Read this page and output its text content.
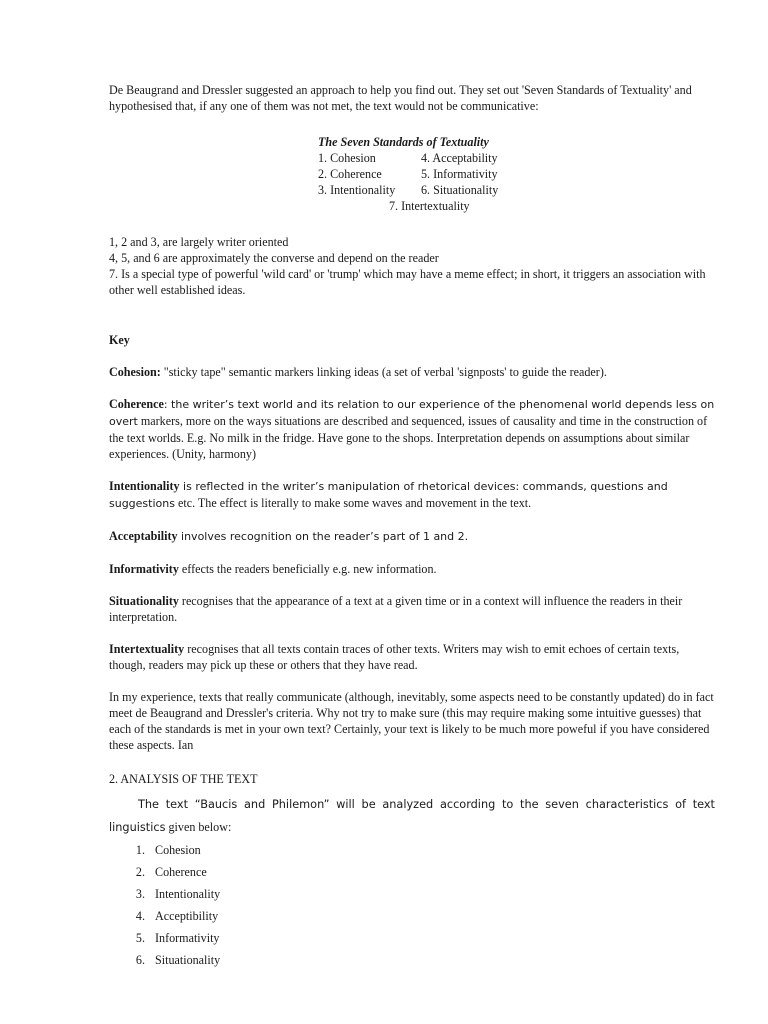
De Beaugrand and Dressler suggested an approach to help you find out. They set out 'Seven Standards of Textuality' and hypothesised that, if any one of them was not met, the text would not be communicative:

The Seven Standards of Textuality

1. Cohesion	4. Acceptability
2. Coherence	5. Informativity
3. Intentionality	6. Situationality
7. Intertextuality

1, 2 and 3, are largely writer oriented

4, 5, and 6 are approximately the converse and depend on the reader

7. Is a special type of powerful 'wild card' or 'trump' which may have a meme effect; in short, it triggers an association with other well established ideas.

Key

Cohesion: "sticky tape" semantic markers linking ideas (a set of verbal 'signposts' to guide the reader).

Coherence: the writer’s text world and its relation to our experience of the phenomenal world depends less on overt markers, more on the ways situations are described and sequenced, issues of causality and time in the construction of the text worlds. E.g. No milk in the fridge. Have gone to the shops. Interpretation depends on assumptions about similar experiences. (Unity, harmony)

Intentionality is reflected in the writer’s manipulation of rhetorical devices: commands, questions and suggestions etc. The effect is literally to make some waves and movement in the text.

Acceptability involves recognition on the reader’s part of 1 and 2.

Informativity effects the readers beneficially e.g. new information.

Situationality recognises that the appearance of a text at a given time or in a context will influence the readers in their interpretation.

Intertextuality recognises that all texts contain traces of other texts. Writers may wish to emit echoes of certain texts, though, readers may pick up these or others that they have read.

In my experience, texts that really communicate (although, inevitably, some aspects need to be constantly updated) do in fact meet de Beaugrand and Dressler's criteria. Why not try to make sure (this may require making some intuitive guesses) that each of the standards is met in your own text? Certainly, your text is likely to be much more poweful if you have considered these aspects. Ian

2. ANALYSIS OF THE TEXT

The text “Baucis and Philemon” will be analyzed according to the seven characteristics of text linguistics given below:

1. Cohesion
2. Coherence
3. Intentionality
4. Acceptibility
5. Informativity
6. Situationality
